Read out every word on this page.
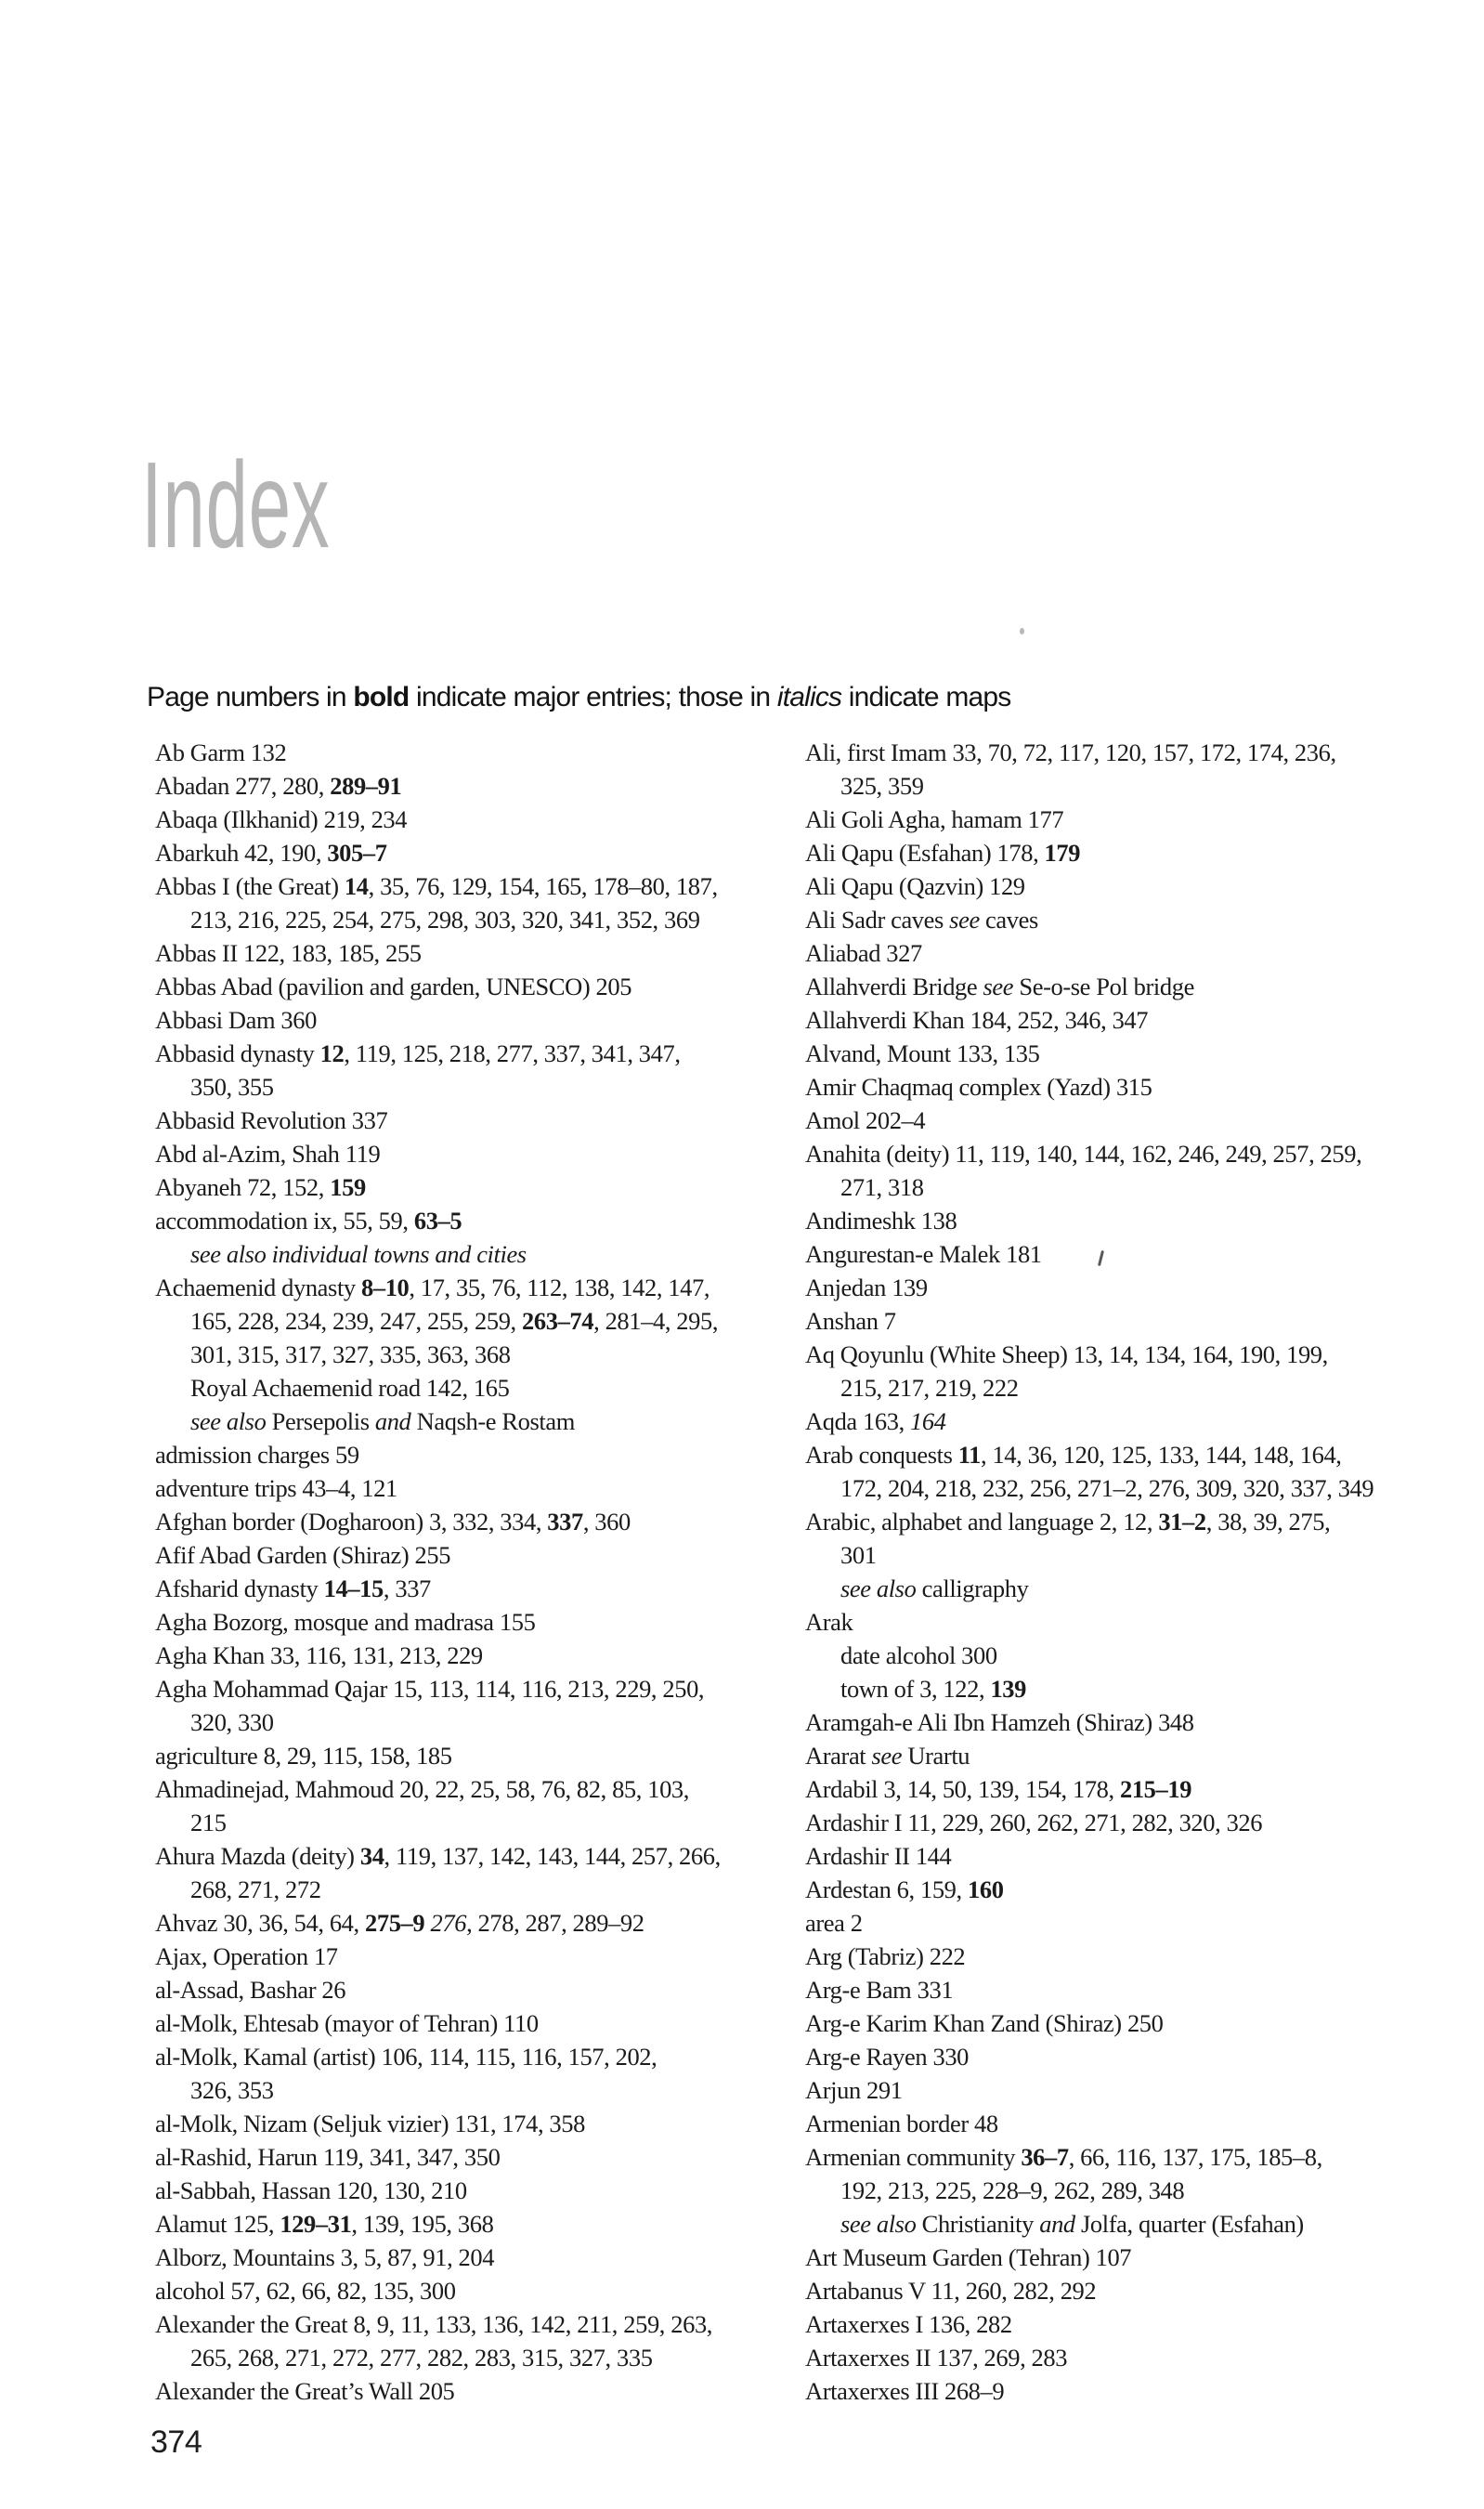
Index

Page numbers in bold indicate major entries; those in italics indicate maps

Ab Garm 132
Abadan 277, 280, 289–91
Abaqa (Ilkhanid) 219, 234
Abarkuh 42, 190, 305–7
Abbas I (the Great) 14, 35, 76, 129, 154, 165, 178–80, 187,
213, 216, 225, 254, 275, 298, 303, 320, 341, 352, 369
Abbas II 122, 183, 185, 255
Abbas Abad (pavilion and garden, UNESCO) 205
Abbasi Dam 360
Abbasid dynasty 12, 119, 125, 218, 277, 337, 341, 347,
350, 355
Abbasid Revolution 337
Abd al-Azim, Shah 119
Abyaneh 72, 152, 159
accommodation ix, 55, 59, 63–5
see also individual towns and cities
Achaemenid dynasty 8–10, 17, 35, 76, 112, 138, 142, 147,
165, 228, 234, 239, 247, 255, 259, 263–74, 281–4, 295,
301, 315, 317, 327, 335, 363, 368
Royal Achaemenid road 142, 165
see also Persepolis and Naqsh-e Rostam
admission charges 59
adventure trips 43–4, 121
Afghan border (Dogharoon) 3, 332, 334, 337, 360
Afif Abad Garden (Shiraz) 255
Afsharid dynasty 14–15, 337
Agha Bozorg, mosque and madrasa 155
Agha Khan 33, 116, 131, 213, 229
Agha Mohammad Qajar 15, 113, 114, 116, 213, 229, 250,
320, 330
agriculture 8, 29, 115, 158, 185
Ahmadinejad, Mahmoud 20, 22, 25, 58, 76, 82, 85, 103,
215
Ahura Mazda (deity) 34, 119, 137, 142, 143, 144, 257, 266,
268, 271, 272
Ahvaz 30, 36, 54, 64, 275–9 276, 278, 287, 289–92
Ajax, Operation 17
al-Assad, Bashar 26
al-Molk, Ehtesab (mayor of Tehran) 110
al-Molk, Kamal (artist) 106, 114, 115, 116, 157, 202,
326, 353
al-Molk, Nizam (Seljuk vizier) 131, 174, 358
al-Rashid, Harun 119, 341, 347, 350
al-Sabbah, Hassan 120, 130, 210
Alamut 125, 129–31, 139, 195, 368
Alborz, Mountains 3, 5, 87, 91, 204
alcohol 57, 62, 66, 82, 135, 300
Alexander the Great 8, 9, 11, 133, 136, 142, 211, 259, 263,
265, 268, 271, 272, 277, 282, 283, 315, 327, 335
Alexander the Great’s Wall 205
Ali, first Imam 33, 70, 72, 117, 120, 157, 172, 174, 236,
325, 359
Ali Goli Agha, hamam 177
Ali Qapu (Esfahan) 178, 179
Ali Qapu (Qazvin) 129
Ali Sadr caves see caves
Aliabad 327
Allahverdi Bridge see Se-o-se Pol bridge
Allahverdi Khan 184, 252, 346, 347
Alvand, Mount 133, 135
Amir Chaqmaq complex (Yazd) 315
Amol 202–4
Anahita (deity) 11, 119, 140, 144, 162, 246, 249, 257, 259,
271, 318
Andimeshk 138
Angurestan-e Malek 181
Anjedan 139
Anshan 7
Aq Qoyunlu (White Sheep) 13, 14, 134, 164, 190, 199,
215, 217, 219, 222
Aqda 163, 164
Arab conquests 11, 14, 36, 120, 125, 133, 144, 148, 164,
172, 204, 218, 232, 256, 271–2, 276, 309, 320, 337, 349
Arabic, alphabet and language 2, 12, 31–2, 38, 39, 275,
301
see also calligraphy
Arak
date alcohol 300
town of 3, 122, 139
Aramgah-e Ali Ibn Hamzeh (Shiraz) 348
Ararat see Urartu
Ardabil 3, 14, 50, 139, 154, 178, 215–19
Ardashir I 11, 229, 260, 262, 271, 282, 320, 326
Ardashir II 144
Ardestan 6, 159, 160
area 2
Arg (Tabriz) 222
Arg-e Bam 331
Arg-e Karim Khan Zand (Shiraz) 250
Arg-e Rayen 330
Arjun 291
Armenian border 48
Armenian community 36–7, 66, 116, 137, 175, 185–8,
192, 213, 225, 228–9, 262, 289, 348
see also Christianity and Jolfa, quarter (Esfahan)
Art Museum Garden (Tehran) 107
Artabanus V 11, 260, 282, 292
Artaxerxes I 136, 282
Artaxerxes II 137, 269, 283
Artaxerxes III 268–9
374
